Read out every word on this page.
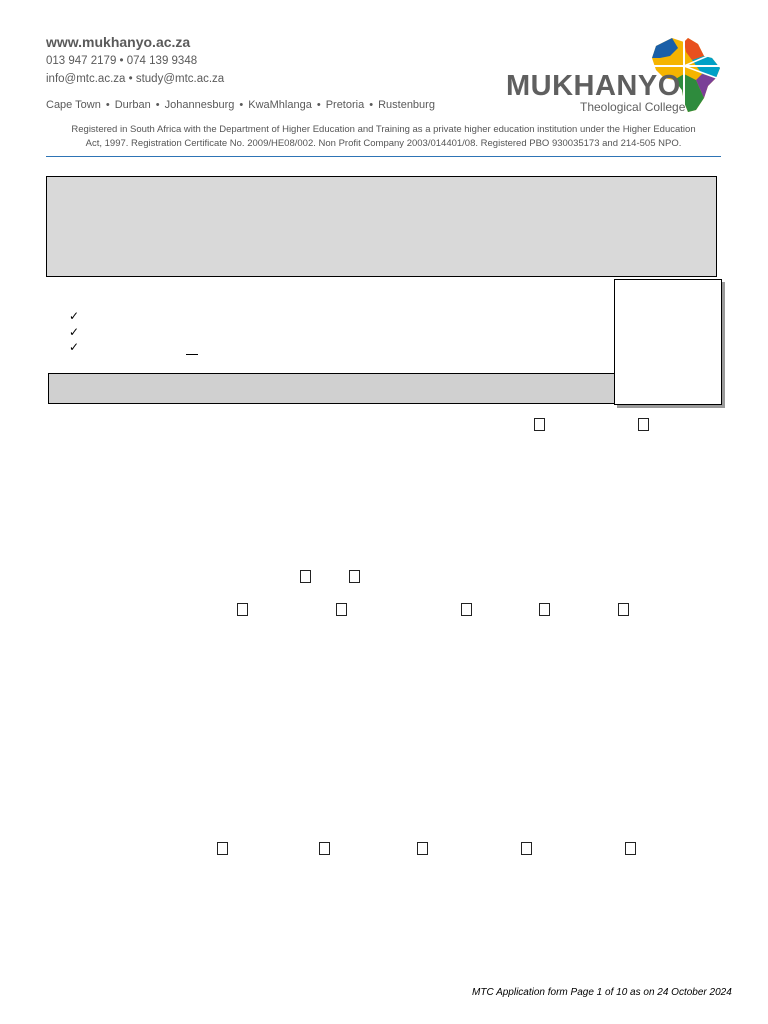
www.mukhanyo.ac.za
013 947 2179 • 074 139 9348
info@mtc.ac.za • study@mtc.ac.za
Cape Town • Durban • Johannesburg • KwaMhlanga • Pretoria • Rustenburg
MUKHANYO
Theological College
Registered in South Africa with the Department of Higher Education and Training as a private higher education institution under the Higher Education
Act, 1997. Registration Certificate No. 2009/HE08/002. Non Profit Company 2003/014401/08. Registered PBO 930035173 and 214-505 NPO.
✓
✓
✓
MTC Application form Page 1 of 10 as on 24 October 2024
